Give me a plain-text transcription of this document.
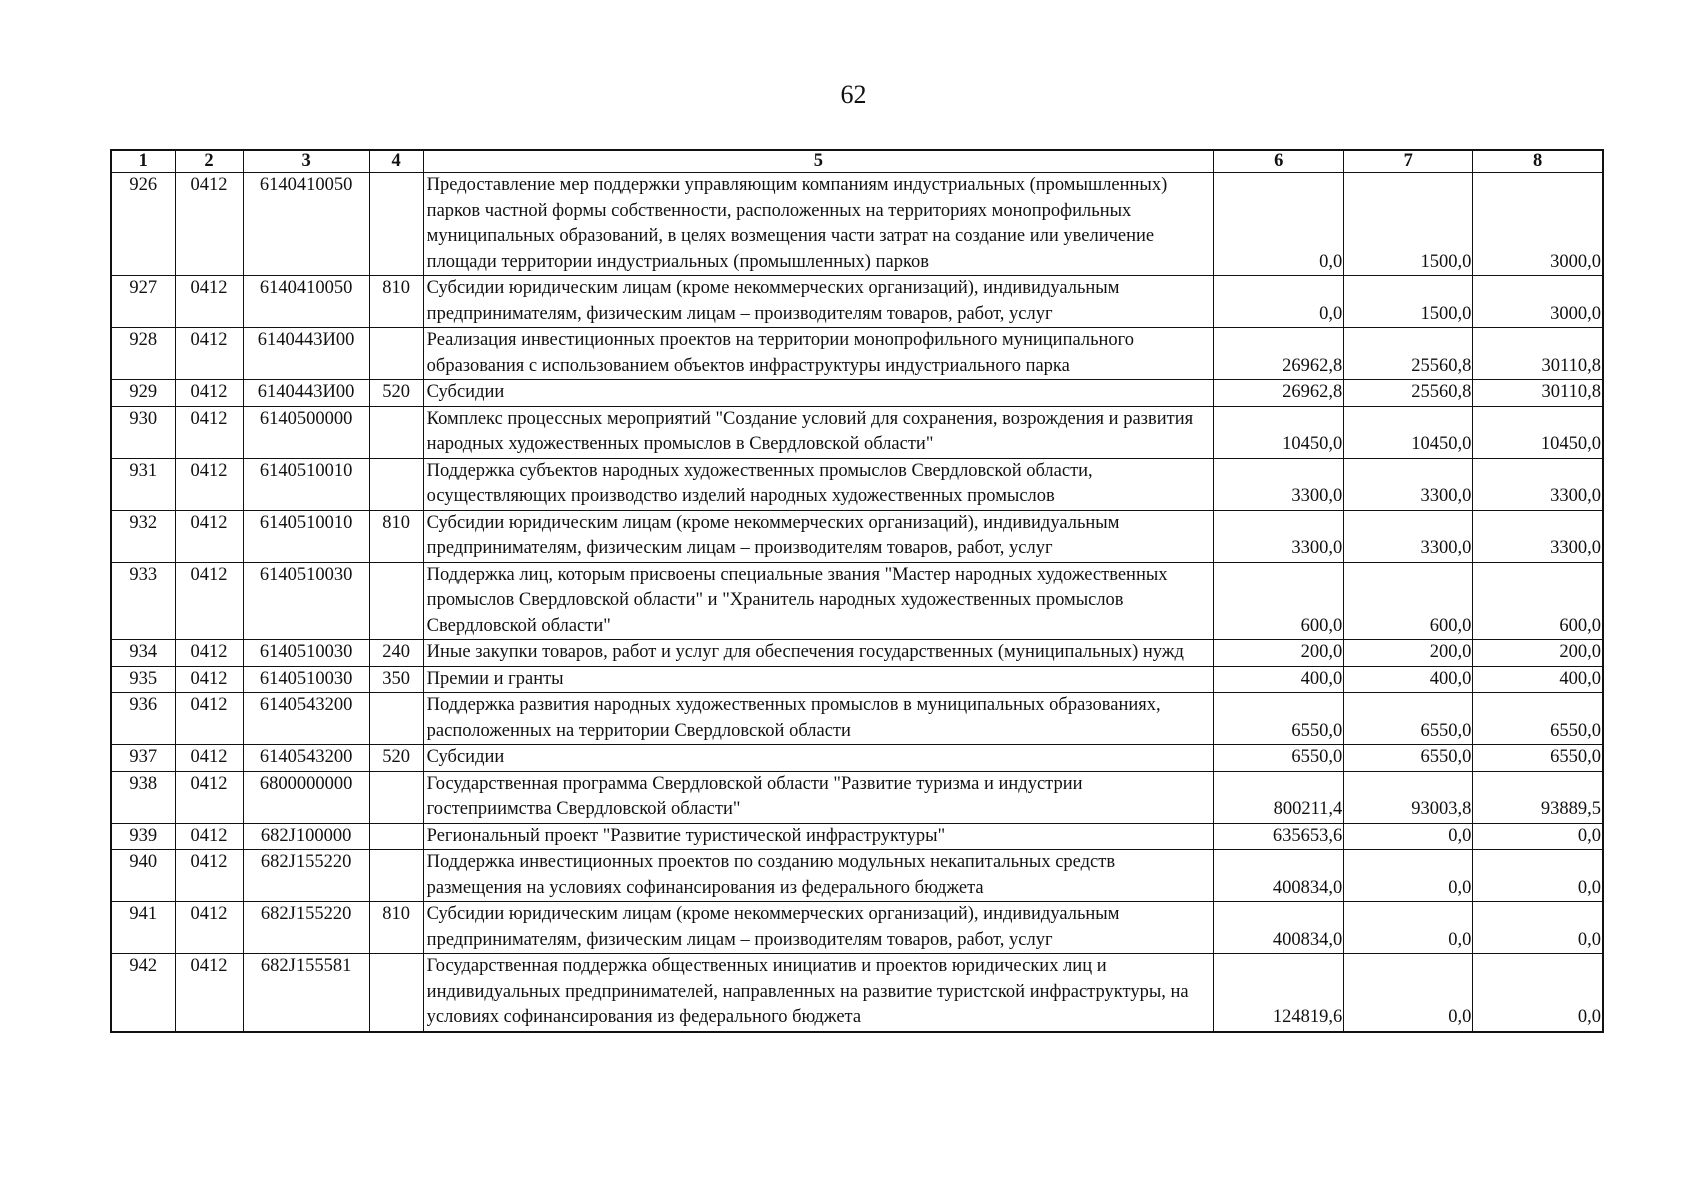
62
1	2	3	4	5	6	7	8
926	0412	6140410050		Предоставление мер поддержки управляющим компаниям индустриальных (промышленных) парков частной формы собственности, расположенных на территориях монопрофильных муниципальных образований, в целях возмещения части затрат на создание или увеличение площади территории индустриальных (промышленных) парков	0,0	1500,0	3000,0
927	0412	6140410050	810	Субсидии юридическим лицам (кроме некоммерческих организаций), индивидуальным предпринимателям, физическим лицам – производителям товаров, работ, услуг	0,0	1500,0	3000,0
928	0412	6140443И00		Реализация инвестиционных проектов на территории монопрофильного муниципального образования с использованием объектов инфраструктуры индустриального парка	26962,8	25560,8	30110,8
929	0412	6140443И00	520	Субсидии	26962,8	25560,8	30110,8
930	0412	6140500000		Комплекс процессных мероприятий "Создание условий для сохранения, возрождения и развития народных художественных промыслов в Свердловской области"	10450,0	10450,0	10450,0
931	0412	6140510010		Поддержка субъектов народных художественных промыслов Свердловской области, осуществляющих производство изделий народных художественных промыслов	3300,0	3300,0	3300,0
932	0412	6140510010	810	Субсидии юридическим лицам (кроме некоммерческих организаций), индивидуальным предпринимателям, физическим лицам – производителям товаров, работ, услуг	3300,0	3300,0	3300,0
933	0412	6140510030		Поддержка лиц, которым присвоены специальные звания "Мастер народных художественных промыслов Свердловской области" и "Хранитель народных художественных промыслов Свердловской области"	600,0	600,0	600,0
934	0412	6140510030	240	Иные закупки товаров, работ и услуг для обеспечения государственных (муниципальных) нужд	200,0	200,0	200,0
935	0412	6140510030	350	Премии и гранты	400,0	400,0	400,0
936	0412	6140543200		Поддержка развития народных художественных промыслов в муниципальных образованиях, расположенных на территории Свердловской области	6550,0	6550,0	6550,0
937	0412	6140543200	520	Субсидии	6550,0	6550,0	6550,0
938	0412	6800000000		Государственная программа Свердловской области "Развитие туризма и индустрии гостеприимства Свердловской области"	800211,4	93003,8	93889,5
939	0412	682J100000		Региональный проект "Развитие туристической инфраструктуры"	635653,6	0,0	0,0
940	0412	682J155220		Поддержка инвестиционных проектов по созданию модульных некапитальных средств размещения на условиях софинансирования из федерального бюджета	400834,0	0,0	0,0
941	0412	682J155220	810	Субсидии юридическим лицам (кроме некоммерческих организаций), индивидуальным предпринимателям, физическим лицам – производителям товаров, работ, услуг	400834,0	0,0	0,0
942	0412	682J155581		Государственная поддержка общественных инициатив и проектов юридических лиц и индивидуальных предпринимателей, направленных на развитие туристской инфраструктуры, на условиях софинансирования из федерального бюджета	124819,6	0,0	0,0
